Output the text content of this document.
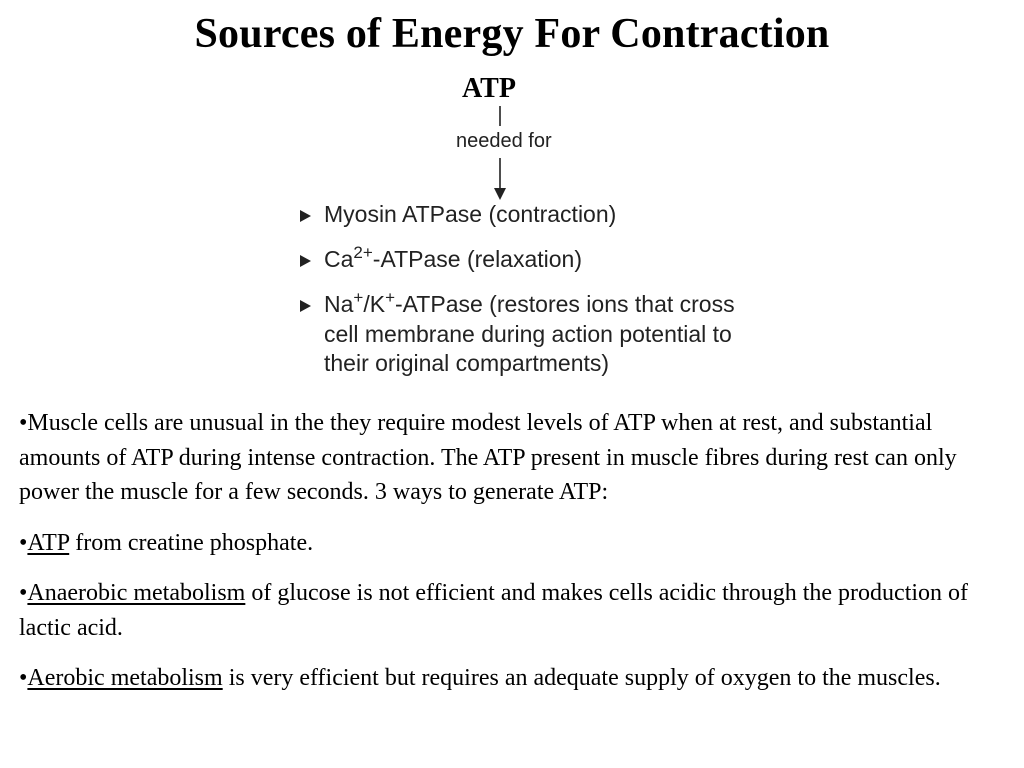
Sources of Energy For Contraction
ATP
needed for
Myosin ATPase (contraction)
$Ca^{2+}$-ATPase (relaxation)
Na+/K+-ATPase (restores ions that cross cell membrane during action potential to their original compartments)

•Muscle cells are unusual in the they require modest levels of ATP when at rest, and substantial amounts of ATP during intense contraction. The ATP present in muscle fibres during rest can only power the muscle for a few seconds. 3 ways to generate ATP:

•ATP from creatine phosphate.

•Anaerobic metabolism of glucose is not efficient and makes cells acidic through the production of lactic acid.

•Aerobic metabolism is very efficient but requires an adequate supply of oxygen to the muscles.
